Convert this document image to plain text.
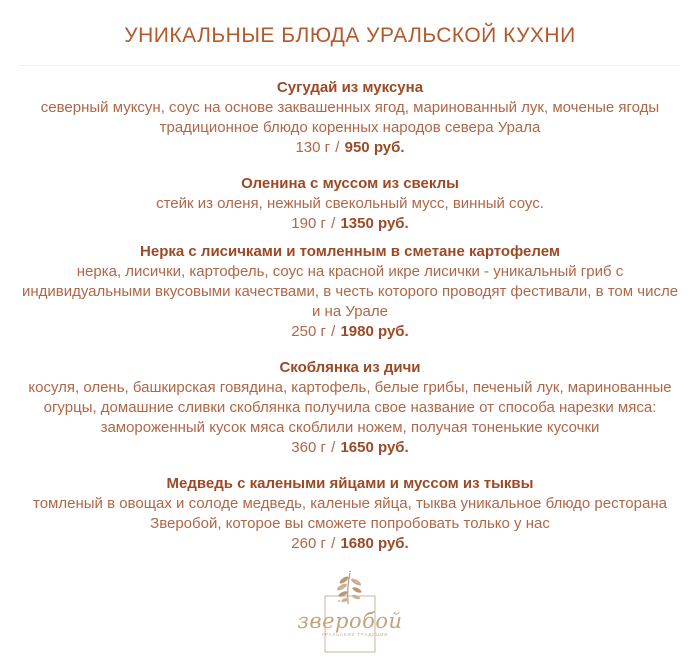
УНИКАЛЬНЫЕ БЛЮДА УРАЛЬСКОЙ КУХНИ
Сугудай из муксуна
северный муксун, соус на основе заквашенных ягод, маринованный лук, моченые ягоды традиционное блюдо коренных народов севера Урала
130 г / 950 руб.
Оленина с муссом из свеклы
стейк из оленя, нежный свекольный мусс, винный соус.
190 г / 1350 руб.
Нерка с лисичками и томленным в сметане картофелем
нерка, лисички, картофель, соус на красной икре лисички - уникальный гриб с индивидуальными вкусовыми качествами, в честь которого проводят фестивали, в том числе и на Урале
250 г / 1980 руб.
Скоблянка из дичи
косуля, олень, башкирская говядина, картофель, белые грибы, печеный лук, маринованные огурцы, домашние сливки скоблянка получила свое название от способа нарезки мяса: замороженный кусок мяса скоблили ножем, получая тоненькие кусочки
360 г / 1650 руб.
Медведь с калеными яйцами и муссом из тыквы
томленый в овощах и солоде медведь, каленые яйца, тыква уникальное блюдо ресторана Зверобой, которое вы сможете попробовать только у нас
260 г / 1680 руб.
зверобой
УРАЛЬСКИЕ ТРАДИЦИИ
